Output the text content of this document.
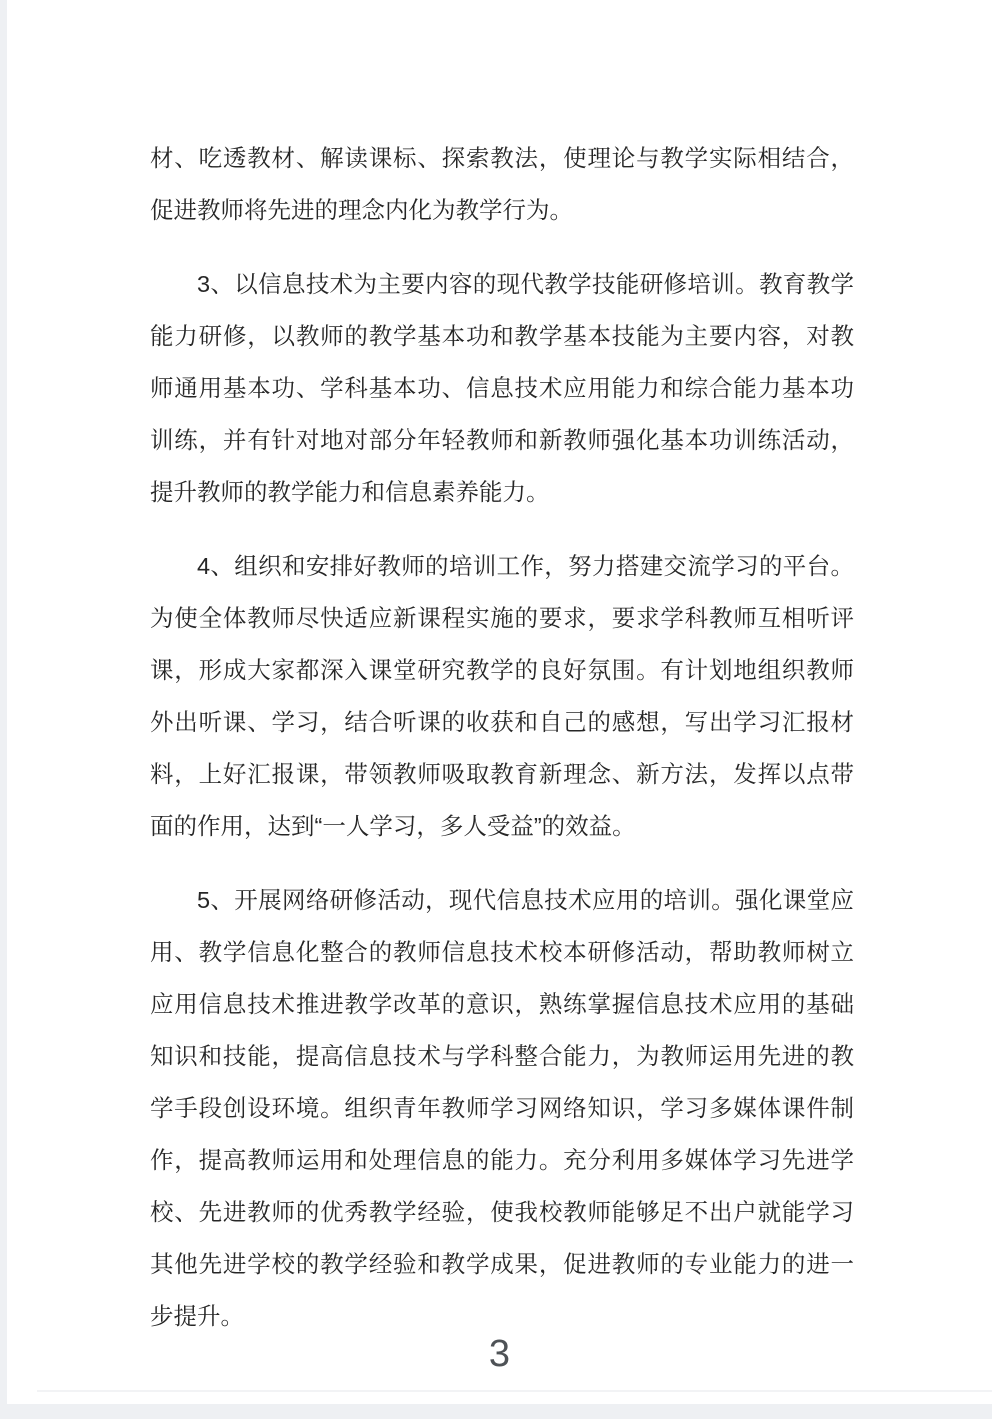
材、吃透教材、解读课标、探索教法，使理论与教学实际相结合，促进教师将先进的理念内化为教学行为。

3、以信息技术为主要内容的现代教学技能研修培训。教育教学能力研修，以教师的教学基本功和教学基本技能为主要内容，对教师通用基本功、学科基本功、信息技术应用能力和综合能力基本功训练，并有针对地对部分年轻教师和新教师强化基本功训练活动，提升教师的教学能力和信息素养能力。

4、组织和安排好教师的培训工作，努力搭建交流学习的平台。为使全体教师尽快适应新课程实施的要求，要求学科教师互相听评课，形成大家都深入课堂研究教学的良好氛围。有计划地组织教师外出听课、学习，结合听课的收获和自己的感想，写出学习汇报材料，上好汇报课，带领教师吸取教育新理念、新方法，发挥以点带面的作用，达到“一人学习，多人受益”的效益。

5、开展网络研修活动，现代信息技术应用的培训。强化课堂应用、教学信息化整合的教师信息技术校本研修活动，帮助教师树立应用信息技术推进教学改革的意识，熟练掌握信息技术应用的基础知识和技能，提高信息技术与学科整合能力，为教师运用先进的教学手段创设环境。组织青年教师学习网络知识，学习多媒体课件制作，提高教师运用和处理信息的能力。充分利用多媒体学习先进学校、先进教师的优秀教学经验，使我校教师能够足不出户就能学习其他先进学校的教学经验和教学成果，促进教师的专业能力的进一步提升。

3
